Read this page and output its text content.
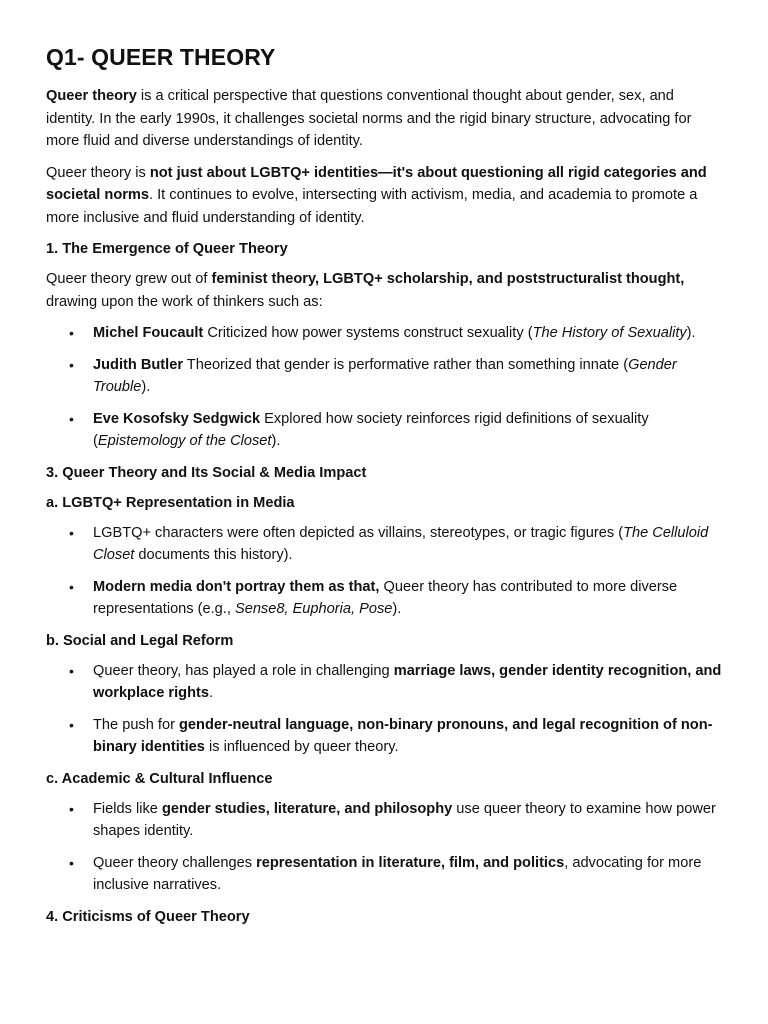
Q1- QUEER THEORY

Queer theory is a critical perspective that questions conventional thought about gender, sex, and identity. In the early 1990s, it challenges societal norms and the rigid binary structure, advocating for more fluid and diverse understandings of identity.

Queer theory is not just about LGBTQ+ identities—it's about questioning all rigid categories and societal norms. It continues to evolve, intersecting with activism, media, and academia to promote a more inclusive and fluid understanding of identity.

1. The Emergence of Queer Theory

Queer theory grew out of feminist theory, LGBTQ+ scholarship, and poststructuralist thought, drawing upon the work of thinkers such as:

• Michel Foucault Criticized how power systems construct sexuality (The History of Sexuality).
• Judith Butler Theorized that gender is performative rather than something innate (Gender Trouble).
• Eve Kosofsky Sedgwick Explored how society reinforces rigid definitions of sexuality (Epistemology of the Closet).
3. Queer Theory and Its Social & Media Impact
a. LGBTQ+ Representation in Media
• LGBTQ+ characters were often depicted as villains, stereotypes, or tragic figures (The Celluloid Closet documents this history).
• Modern media don't portray them as that, Queer theory has contributed to more diverse representations (e.g., Sense8, Euphoria, Pose).
b. Social and Legal Reform
• Queer theory, has played a role in challenging marriage laws, gender identity recognition, and workplace rights.
• The push for gender-neutral language, non-binary pronouns, and legal recognition of non-binary identities is influenced by queer theory.
c. Academic & Cultural Influence
• Fields like gender studies, literature, and philosophy use queer theory to examine how power shapes identity.
• Queer theory challenges representation in literature, film, and politics, advocating for more inclusive narratives.
4. Criticisms of Queer Theory
